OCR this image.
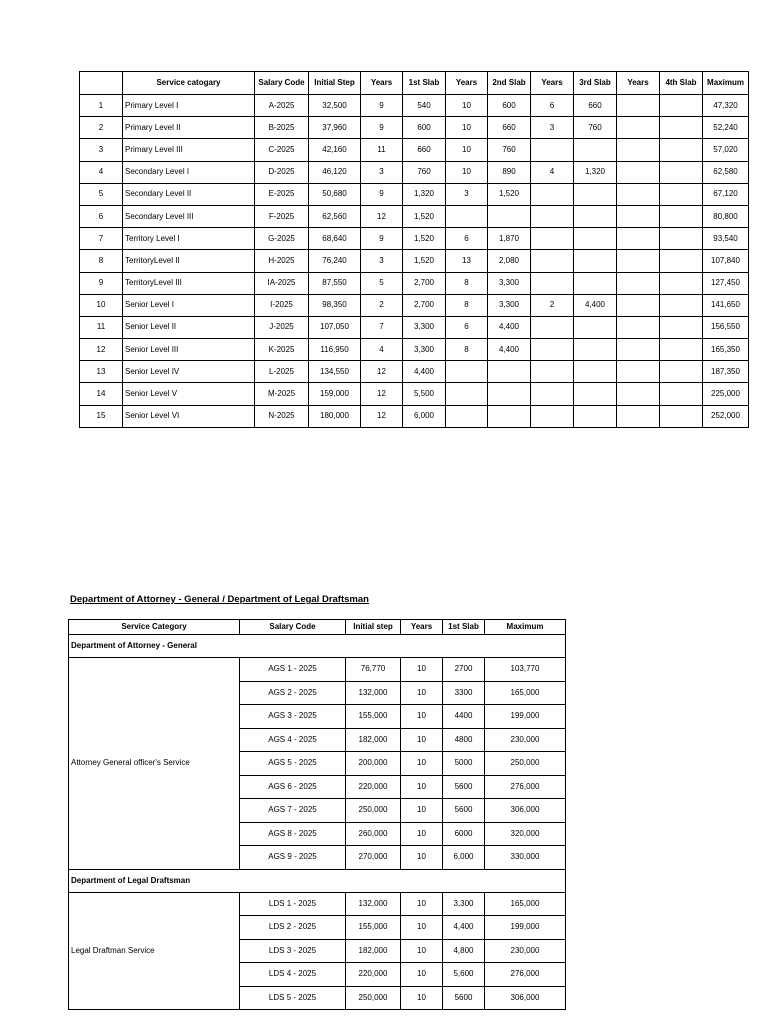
	Service catogary	Salary Code	Initial Step	Years	1st Slab	Years	2nd Slab	Years	3rd Slab	Years	4th Slab	Maximum
1	Primary Level I	A-2025	32,500	9	540	10	600	6	660			47,320
2	Primary Level II	B-2025	37,960	9	600	10	660	3	760			52,240
3	Primary Level III	C-2025	42,160	11	660	10	760					57,020
4	Secondary Level I	D-2025	46,120	3	760	10	890	4	1,320			62,580
5	Secondary Level II	E-2025	50,680	9	1,320	3	1,520					67,120
6	Secondary Level III	F-2025	62,560	12	1,520							80,800
7	Territory Level I	G-2025	68,640	9	1,520	6	1,870					93,540
8	TerritoryLevel II	H-2025	76,240	3	1,520	13	2,080					107,840
9	TerritoryLevel III	IA-2025	87,550	5	2,700	8	3,300					127,450
10	Senior Level I	I-2025	98,350	2	2,700	8	3,300	2	4,400			141,650
11	Senior Level II	J-2025	107,050	7	3,300	6	4,400					156,550
12	Senior Level III	K-2025	116,950	4	3,300	8	4,400					165,350
13	Senior Level IV	L-2025	134,550	12	4,400							187,350
14	Senior Level V	M-2025	159,000	12	5,500							225,000
15	Senior Level VI	N-2025	180,000	12	6,000							252,000
Department of Attorney - General / Department of Legal Draftsman
Service Category	Salary Code	Initial step	Years	1st Slab	Maximum
Department of Attorney - General					
Attorney General officer's Service	AGS 1 - 2025	76,770	10	2700	103,770
	AGS 2 - 2025	132,000	10	3300	165,000
	AGS 3 - 2025	155,000	10	4400	199,000
	AGS 4 - 2025	182,000	10	4800	230,000
	AGS 5 - 2025	200,000	10	5000	250,000
	AGS 6 - 2025	220,000	10	5600	276,000
	AGS 7 - 2025	250,000	10	5600	306,000
	AGS 8 - 2025	260,000	10	6000	320,000
	AGS 9 - 2025	270,000	10	6,000	330,000
Department of Legal Draftsman					
Legal Draftman Service	LDS 1 - 2025	132,000	10	3,300	165,000
	LDS 2 - 2025	155,000	10	4,400	199,000
	LDS 3 - 2025	182,000	10	4,800	230,000
	LDS 4 - 2025	220,000	10	5,600	276,000
	LDS 5 - 2025	250,000	10	5600	306,000
